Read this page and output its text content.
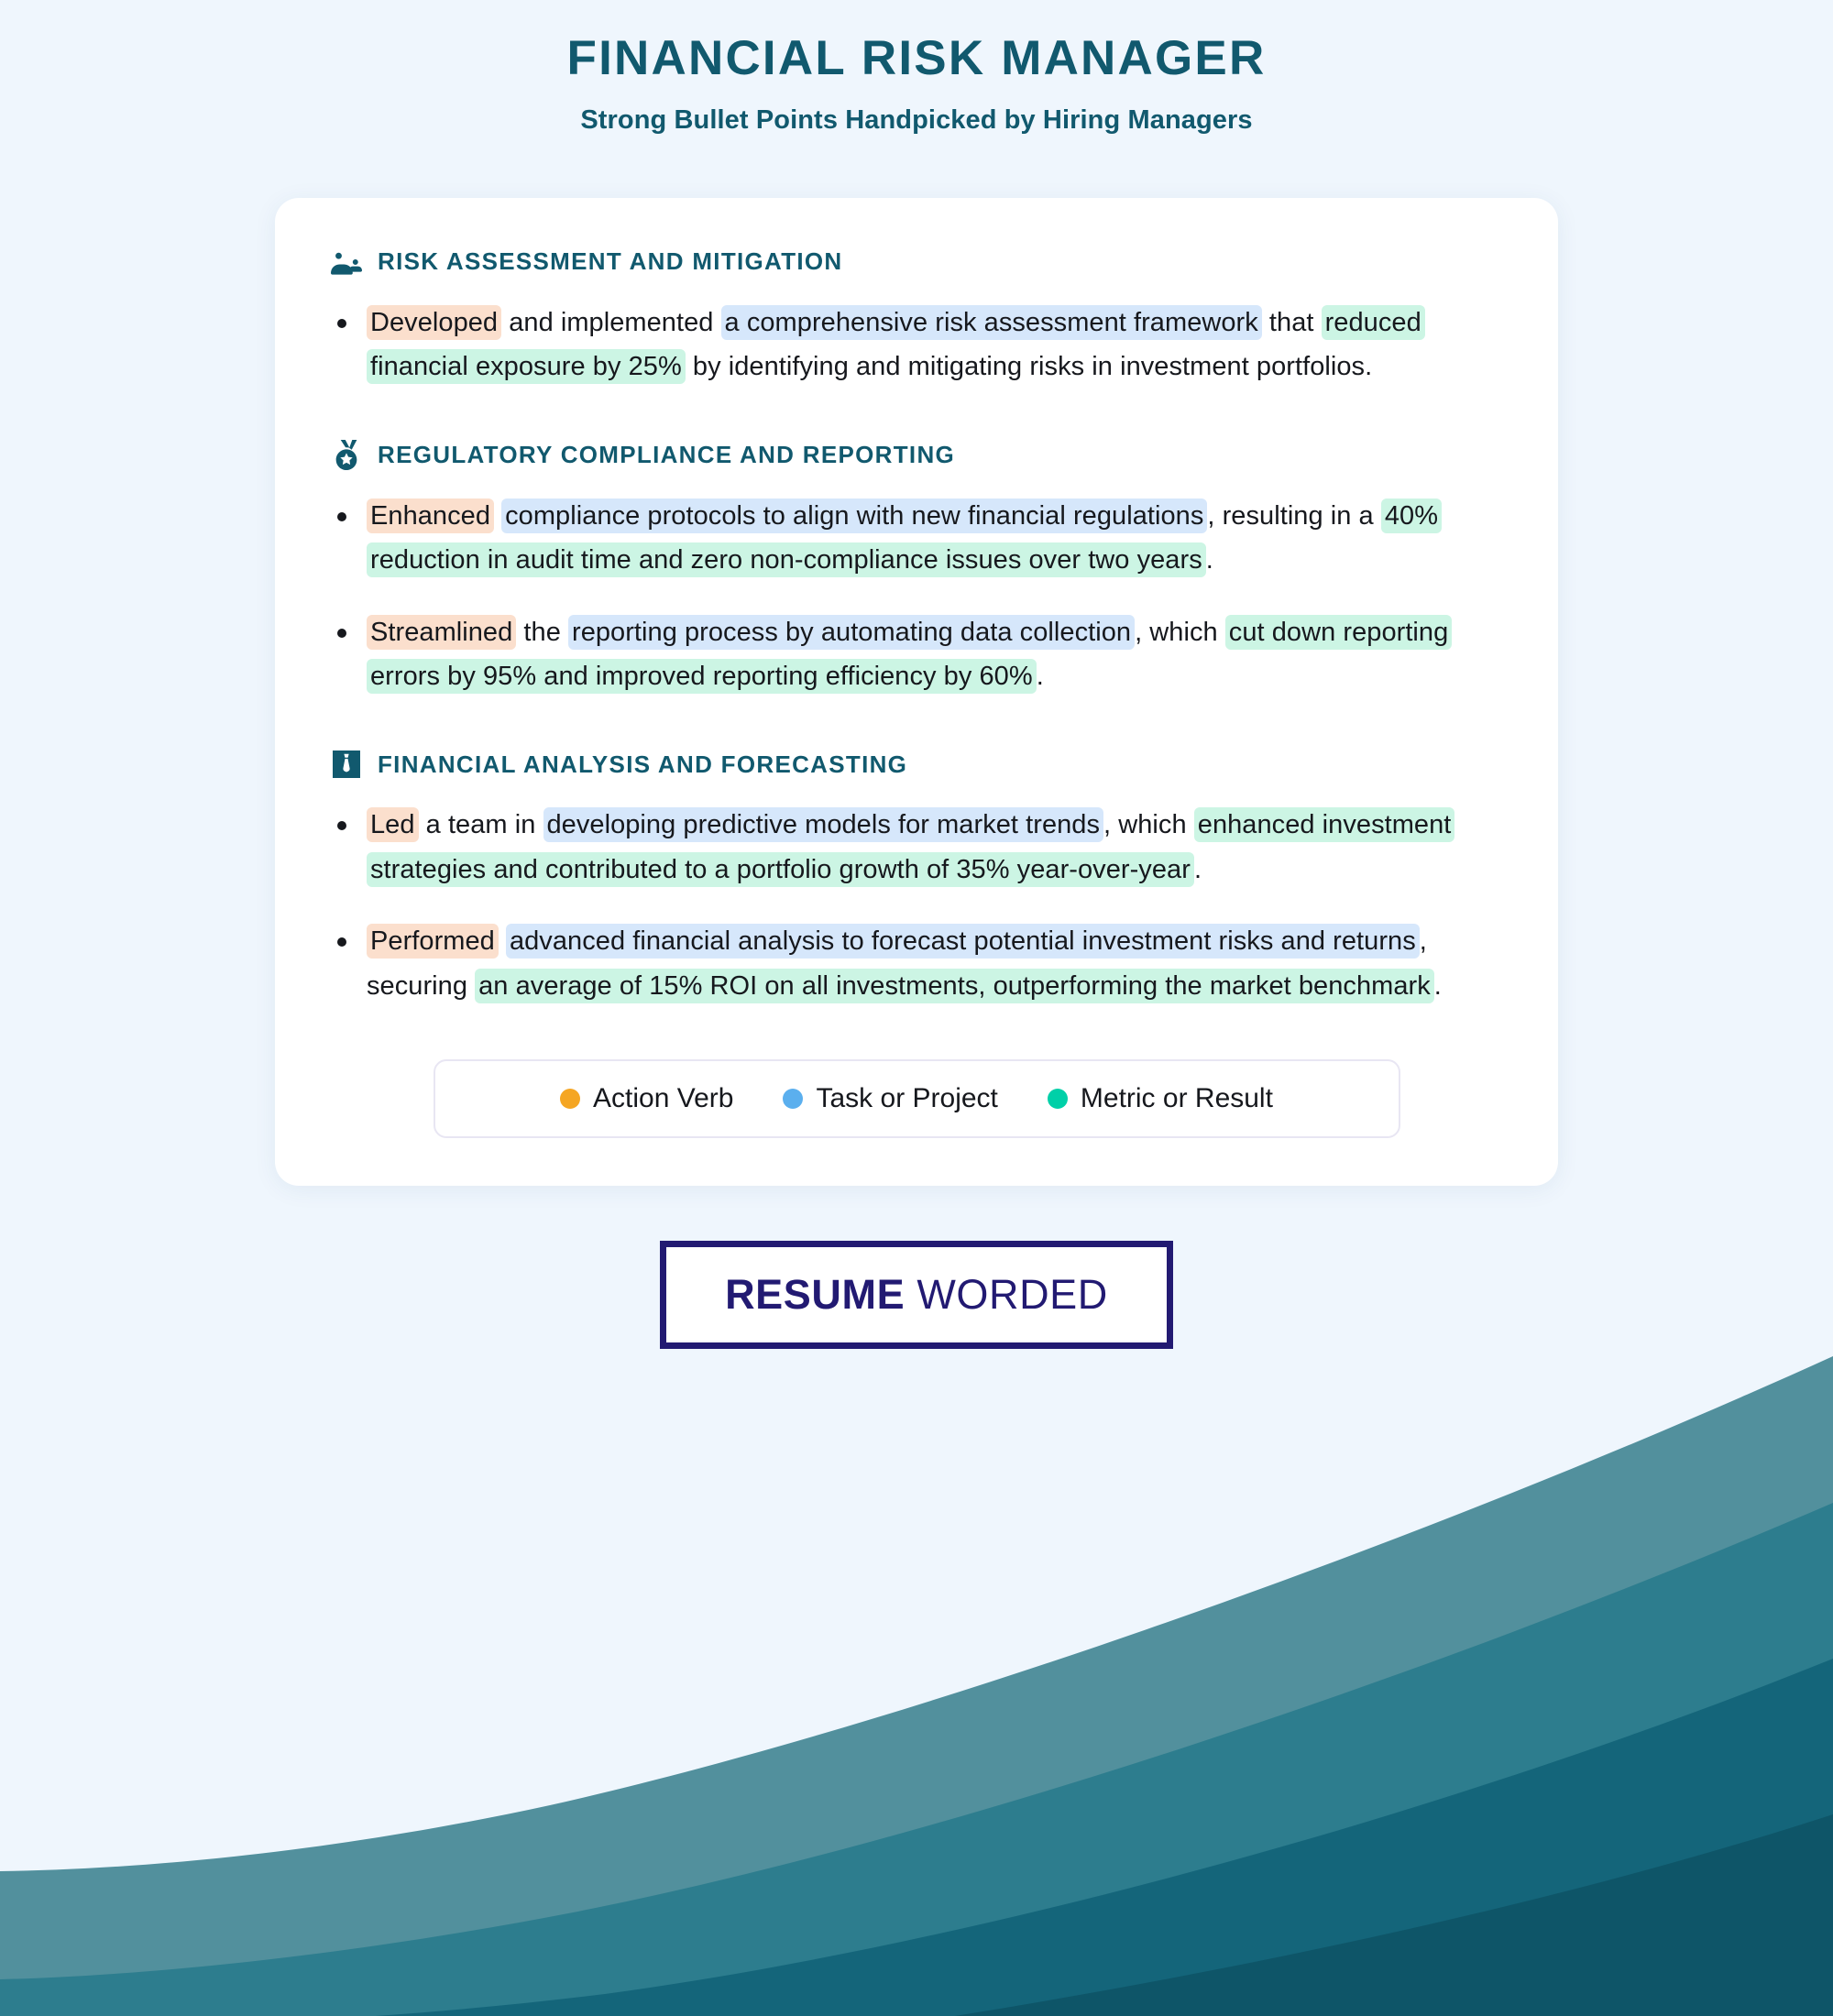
FINANCIAL RISK MANAGER
Strong Bullet Points Handpicked by Hiring Managers
RISK ASSESSMENT AND MITIGATION
Developed and implemented a comprehensive risk assessment framework that reduced financial exposure by 25% by identifying and mitigating risks in investment portfolios.
REGULATORY COMPLIANCE AND REPORTING
Enhanced compliance protocols to align with new financial regulations , resulting in a 40% reduction in audit time and zero non-compliance issues over two years .
Streamlined the reporting process by automating data collection , which cut down reporting errors by 95% and improved reporting efficiency by 60% .
FINANCIAL ANALYSIS AND FORECASTING
Led a team in developing predictive models for market trends , which enhanced investment strategies and contributed to a portfolio growth of 35% year-over-year .
Performed advanced financial analysis to forecast potential investment risks and returns , securing an average of 15% ROI on all investments, outperforming the market benchmark .
Action Verb	Task or Project	Metric or Result
RESUME WORDED
